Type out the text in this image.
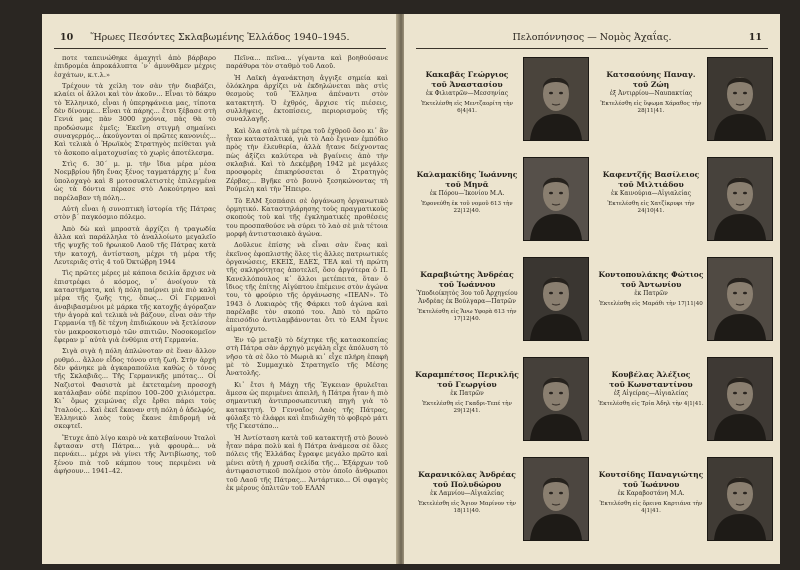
10	Ἥρωες Πεσόντες Σκλαβωμένης Ἑλλάδος 1940–1945.

ποτε ταπεινώθηκε ἀμαχητὶ ἀπὸ βάρβαρο ἐπιδρομέα ἀπροκάλυπτα ᾽ν᾽ ἀμυνθᾶμεν μέχρις ἐσχάτων, κ.τ.λ.»

Τρέχουν τὰ χείλη τον σὰν τὴν διαβάζει, κλαίει οἱ ἄλλοι καὶ τὸν ἀκοῦν... Εἶναι τὸ δάκρυ τὸ Ἑλληνικό, εἶναι ἡ ὑπερηφάνεια μας, τίποτα δὲν δίνουμε... Εἶναι τὰ πάρης... ἔτσι ξέβασε στὴ Γενιά μας πὰν 3000 χρόνια, πὰς θὰ τὸ προδώσωμε ἐμεῖς; Ἐκεῖνη στιγμὴ σημαίνει συναγερμός... ἀκούγονται οἱ πρῶτες κανονιές... Καὶ τελικὰ ὁ Ἡρωϊκὸς Στρατηγὸς πείθεται γιὰ τὸ ἄσκοπο αἱματοχυσίας τὸ χωρὶς ἀποτέλεσμα.

Στὶς 6. 30΄ μ. μ. τὴν ἴδια μέρα μέσα Νοεμβρίου ἤδη ἔνας ξένος ταγματάρχης μ᾽ ἕνα ὑπολοχαγὸ καὶ 8 μοτοσυκλετιστὲς ἐπιλεγμένα ὡς τὰ δόντια πέρασε στὸ Λοκούτρηνο καὶ παρέλαβαν τὴ πόλη...

Αὐτὴ εἶναι ἡ συνοπτικὴ ἱστορία τῆς Πάτρας στὸν β΄ παγκόσμιο πόλεμο.

Ἀπὸ δὼ καὶ μπροστὰ ἀρχίζει ἡ τραγωδία ἄλλα καὶ παράλληλα τὸ ἀναλλοίωτο μεγαλεῖο τῆς ψυχῆς τοῦ ἡρωικοῦ Λαοῦ τῆς Πάτρας κατὰ τὴν κατοχή, ἀντίσταση, μέχρι τὴ μέρα τῆς Λευτεριᾶς στὶς 4 τοῦ Ὀκτώβρη 1944

Τὶς πρῶτες μέρες μὲ κάποια δειλία ἄρχισε νὰ ἐπιστρέφει ὁ κόσμος, ν᾽ ἀνοίγουν τὰ καταστήματα, καὶ ἡ πόλη παίρνει μιὰ πιὸ καλὴ μέρα τῆς ζωῆς της, ὅπως... Οἱ Γερμανοὶ ἀναβιβασμένοι μὲ μάρκα τῆς κατοχῆς ἀγόραζαν τὴν ἀγορὰ καὶ τελικὰ νὰ βάζουν, εἶναι σὰν τὴν Γερμανία τῇ δὲ τέχνη ἐπιδιώκουν νὰ ξετλίσουν τὸν μακροσκοτισμὸ τῶν σπιτιῶν. Νοσοκομεῖον ἔφεραν μ᾽ αὐτὰ γιὰ ἐνθύμια στὴ Γερμανία.

Σιγὰ σιγὰ ἡ πόλη ἀπλώνοταν σὲ ἕναν ἄλλον ρυθμό... ἄλλον εἶδος τόνου στὴ ζωή. Στὴν ἀρχὴ δὲν φάνηκε μὰ ἀγκαραπούλια καθὼς ὁ τόνος τῆς Σκλαβιᾶς... Τῆς Γερμανικῆς μπότας... Οἱ Ναζιστοὶ Φασιστὰ μὲ ἐκτεταμένη προσοχὴ κατάλαβαν οὐδὲ περίπου 100–200 χιλιόμετρα. Κι᾽ ὅμως χειμώνας εἶχε ἔρθει πάρει τοὺς Ἰταλούς... Καὶ ἐκεῖ ἔκαναν στὴ πόλη ὁ ἀδελφός, Ἑλληνικὸ λαὸς τοὺς ἔκανε ἐπιδρομή νὰ σκεφτεῖ.

Ἔτυχε ἀπὸ λίγο καιρὸ νὰ κατεβαίνουν Ἰταλοὶ ἔφτασαν στὴ Πάτρα... γιὰ φρουρὰ... νὰ περνάει... μέχρι νὰ γίνει τῆς Ἀντιβίωσης, τοῦ ξένου πιὰ τοῦ κάμπου τους περιμένει νὰ ἀφήσουν... 1941–42.

Πεῖνα... πεῖνα... γίγαντα καὶ βοηθούσανε παράθυρα τὸν σταθμὸ τοῦ Λαοῦ.

Ἡ Λαϊκὴ ἀγανάκτηση ἄγγιξε σημεία καὶ ὁλόκληρα ἀρχίζει νὰ ἐκδηλώνεται πὰς στὶς θεσμοὺς τοῦ Ἕλληνα ἀπέναντι στὸν κατακτητή. Ὁ ἐχθρός, ἄρχισε τίς πιέσεις, συλλήψεις, ἐκτοπίσεις, περιορισμοὺς τῆς συναλλαγῆς.

Καὶ ὅλα αὐτὰ τὰ μέτρα τοῦ ἐχθροῦ ὅσο κι᾽ ἂν ἦταν κατασταλτικά, γιὰ τὸ Λαὸ ἔγιναν ἐμπόδιο πρὸς τὴν ἐλευθερία, ἀλλὰ ἤτανε δείχνοντας πὼς ἀξίζει καλύτερα νὰ βγαίνεις ἀπὸ τὴν σκλαβιά. Καὶ τὸ Δεκέμβρη 1942 μὲ μεγάλες προσφορὲς ἐπικηρύσσεται ὁ Στρατηγὸς Ζέρβας... Βγῆκε στὸ βουνὸ ξεσηκώνοντας τὴ Ρούμελη καὶ τὴν Ἤπειρο.

Τὸ ΕΑΜ ξεσπάσει σὲ ὀργάνωση ὀργανωτικὸ ὁρμητικό. Καταστηλάρησης τοὺς πραγματικοὺς σκοποὺς τοὺ καὶ τῆς ἐγκληματικές προθέσεις του προσπαθούσε νὰ σύρει τὸ λαὸ σὲ μιὰ τέτοια μορφὴ ἀντιστασιακὸ ἀγώνα.

Δοῦλευε ἐπίσης νὰ εἶναι σὰν ἕνας καὶ ἐκεῖνος ἐφοπλιστὴς ὅλες τὶς ἄλλες πατριωτικές ὀργανώσεις, ΕΚΕΙΣ, ΕΔΕΣ, ΤΕΑ καὶ τὴ πρώτη τῆς σκληρότητας ἀποτελεῖ, ὅσο ἀργότερα ὁ Π. Κανελλόπουλος κ᾽ ἄλλοι μετέπειτα, ὅταν ὁ ἴδιος τῆς ἐπίτης Αἰγύπτου ἐπέμεινε στὸν ἀγώνα του, τὸ φρούριο τῆς ὀργάνωσης «ΠΕΑΝ». Τὸ 1943 ὁ Λυκιαρὸς τῆς Φάρκει τοῦ ἀγώνα καὶ παρέλαβε τὸν σκοπό του. Ἀπὸ τὸ πρῶτο ἐπεισόδιο ἀντιλαμβάνονται ὅτι τὸ ΕΑΜ ἔγινε αἱματόχυτο.

Ἐν τῷ μεταξὺ τὸ δέχτηκε τῆς κατασκοπείας στὴ Πάτρα σὰν ἀρχηγὸ μεγάλη εἶχε ἀπόλυση τὸ νῆσο τὰ σὲ ὅλο τὸ Μωριὰ κι᾽ εἶχε πλήρη ἐπαφὴ μὲ τὸ Συμμαχικὸ Στρατηγεῖο τῆς Μέσης Ἀνατολῆς.

Κι᾽ ἔτσι ἡ Μάχη τῆς Ἔγκειαν θρυλεῖται ἄμεσα ὡς περιμένει ἀπειλή, ἡ Πάτρα ἦταν ἡ πιὸ σημαντικὴ ἀντιπροσωπευτικὴ πηγὴ γιὰ τὸ κατακτητή. Ὁ Γενναῖος Λαὸς τῆς Πάτρας, φύλαξε τὸ ἐλάφρι καὶ ἐπιδιώχθη τὸ φοβερὸ μάτι τῆς Γκεστάπο...

Ἡ Ἀντίσταση κατὰ τοῦ κατακτητῇ στὸ βουνὸ ἦταν πάρα πολὺ καὶ ἡ Πάτρα ἀνάμεσα σὲ ὅλες πόλεις τῆς Ἑλλάδας ἔγραψε μεγάλο πρῶτο καὶ μένει αὐτὴ ἡ χρυσῆ σελίδα τῆς... Ἐξάρχων τοῦ ἀντιφασιστικοῦ πολέμου στὸν ὁποῖο ἄνθρωποι τοῦ Λαοῦ τῆς Πάτρας... Ἀντάρτικο... Οἱ σφαγὲς ἐκ μέρους ὁπλιτῶν τοῦ ΕΛΑΝ

Πελοπόννησος — Νομὸς Ἀχαΐας.	11
Κακαβᾶς Γεώργιος
τοῦ Ἀναστασίου
ἐκ Φιλιατρῶν—Μεσσηνίας
Ἐκτελέσθη εἰς Μεντζαορίτη τὴν 6|4|41.
Κατσαούνης Παναγ.
τοῦ Ζώη
ἐξ Ἀντιρρίου—Ναυπακτίας
Ἐκτελέσθη εἰς ὕψωμα Χάραθος τὴν 28|11|41.
Καλαμακίδης Ἰωάννης
τοῦ Μηνᾶ
ἐκ Πόρου—Ἰκονίου Μ.Α.
Ἐφονεύθη ἐκ τοῦ νομοῦ 613 τὴν 22|12|40.
Καφεντζῆς Βασίλειος
τοῦ Μιλτιάδου
ἐκ Καινούρια—Αἰγιαλείας
Ἐκτελέσθη εἰς Χατζίκρυφι τὴν 24|10|41.
Καραβιώτης Ἀνδρέας
τοῦ Ἰωάννου
Ὑποδιοίκητὸς 3ου τοῦ Ἀρχηγείου Ἀνδρέας ἐκ Βούλγαρα—Πατρῶν
Ἐκτελέσθη εἰς Ἄνω Υφορὰ 613 τὴν 17|12|40.
Κοντοπουλάκης Φώτιος
τοῦ Ἀντωνίου
ἐκ Πατρῶν
Ἐκτελέσθη εἰς Μαράθι τὴν 17|11|40
Καραμπέτσος Περικλῆς
τοῦ Γεωργίου
ἐκ Πατρῶν
Ἐκτελέσθη εἰς Γκαδρι-Τεπέ τὴν 29|12|41.
Κουβέλας Ἀλέξιος
τοῦ Κωνσταντίνου
ἐξ Αἰγείρας—Αἰγιαλείας
Ἐκτελέσθη εἰς Τρία Ἀδηλ τὴν 4|1|41.
Καρανικόλας Ἀνδρέας
τοῦ Πολυδώρου
ἐκ Λαμνίου—Αἰγιαλείας
Ἐκτελέσθη εἰς Ἄγιον Μαρίνον τὴν 18|11|40.
Κουτσίδης Παναγιώτης
τοῦ Ἰωάννου
ἐκ Καραβοστάνη Μ.Α.
Ἐκτελέσθη εἰς ὄρεινα Καρτιάνα τὴν 4|1|41.
